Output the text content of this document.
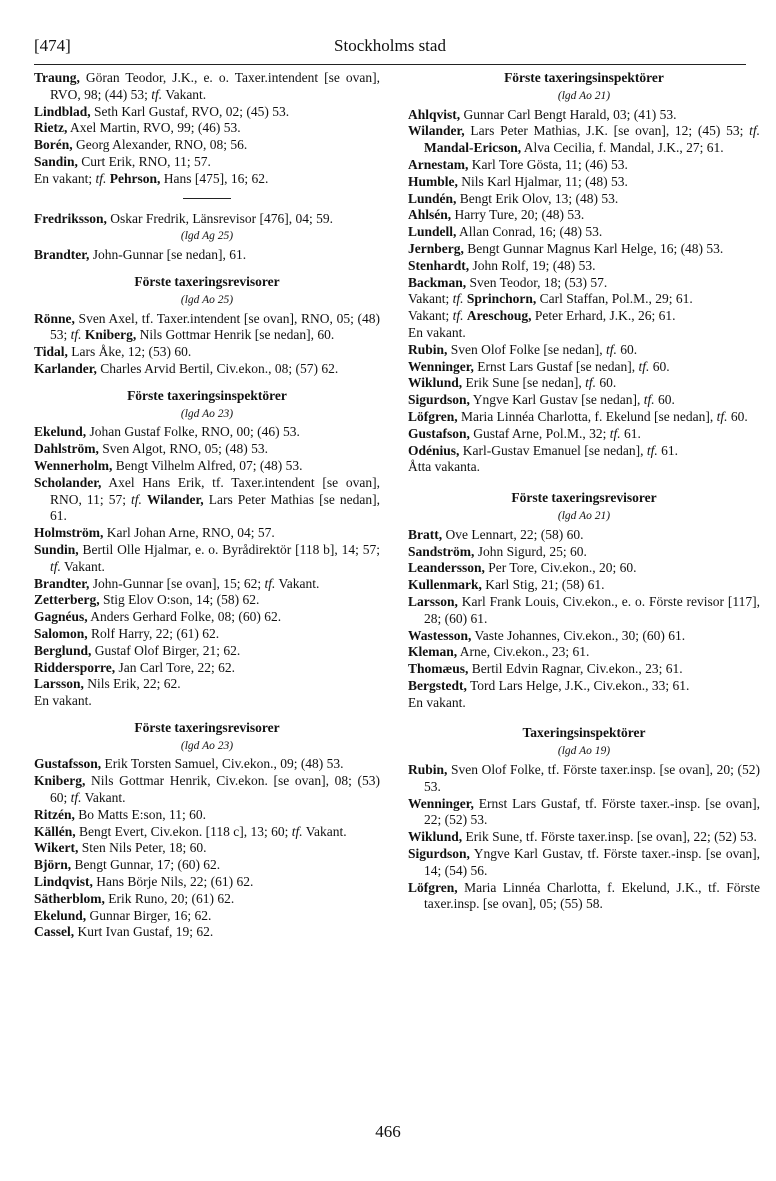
[474]	Stockholms stad

Traung, Göran Teodor, J.K., e. o. Taxer.intendent [se ovan], RVO, 98; (44) 53; tf. Vakant.

Lindblad, Seth Karl Gustaf, RVO, 02; (45) 53.

Rietz, Axel Martin, RVO, 99; (46) 53.

Borén, Georg Alexander, RNO, 08; 56.

Sandin, Curt Erik, RNO, 11; 57.

En vakant; tf. Pehrson, Hans [475], 16; 62.

Fredriksson, Oskar Fredrik, Länsrevisor [476], 04; 59.

(lgd Ag 25)

Brandter, John-Gunnar [se nedan], 61.

Förste taxeringsrevisorer
(lgd Ao 25)

Rönne, Sven Axel, tf. Taxer.intendent [se ovan], RNO, 05; (48) 53; tf. Kniberg, Nils Gottmar Henrik [se nedan], 60.

Tidal, Lars Åke, 12; (53) 60.

Karlander, Charles Arvid Bertil, Civ.ekon., 08; (57) 62.

Förste taxeringsinspektörer
(lgd Ao 23)

Ekelund, Johan Gustaf Folke, RNO, 00; (46) 53.

Dahlström, Sven Algot, RNO, 05; (48) 53.

Wennerholm, Bengt Vilhelm Alfred, 07; (48) 53.

Scholander, Axel Hans Erik, tf. Taxer.intendent [se ovan], RNO, 11; 57; tf. Wilander, Lars Peter Mathias [se nedan], 61.

Holmström, Karl Johan Arne, RNO, 04; 57.

Sundin, Bertil Olle Hjalmar, e. o. Byrådirektör [118 b], 14; 57; tf. Vakant.

Brandter, John-Gunnar [se ovan], 15; 62; tf. Vakant.

Zetterberg, Stig Elov O:son, 14; (58) 62.

Gagnéus, Anders Gerhard Folke, 08; (60) 62.

Salomon, Rolf Harry, 22; (61) 62.

Berglund, Gustaf Olof Birger, 21; 62.

Riddersporre, Jan Carl Tore, 22; 62.

Larsson, Nils Erik, 22; 62.

En vakant.

Förste taxeringsrevisorer
(lgd Ao 23)

Gustafsson, Erik Torsten Samuel, Civ.ekon., 09; (48) 53.

Kniberg, Nils Gottmar Henrik, Civ.ekon. [se ovan], 08; (53) 60; tf. Vakant.

Ritzén, Bo Matts E:son, 11; 60.

Källén, Bengt Evert, Civ.ekon. [118 c], 13; 60; tf. Vakant.

Wikert, Sten Nils Peter, 18; 60.

Björn, Bengt Gunnar, 17; (60) 62.

Lindqvist, Hans Börje Nils, 22; (61) 62.

Sätherblom, Erik Runo, 20; (61) 62.

Ekelund, Gunnar Birger, 16; 62.

Cassel, Kurt Ivan Gustaf, 19; 62.

Förste taxeringsinspektörer
(lgd Ao 21)

Ahlqvist, Gunnar Carl Bengt Harald, 03; (41) 53.

Wilander, Lars Peter Mathias, J.K. [se ovan], 12; (45) 53; tf. Mandal-Ericson, Alva Cecilia, f. Mandal, J.K., 27; 61.

Arnestam, Karl Tore Gösta, 11; (46) 53.

Humble, Nils Karl Hjalmar, 11; (48) 53.

Lundén, Bengt Erik Olov, 13; (48) 53.

Ahlsén, Harry Ture, 20; (48) 53.

Lundell, Allan Conrad, 16; (48) 53.

Jernberg, Bengt Gunnar Magnus Karl Helge, 16; (48) 53.

Stenhardt, John Rolf, 19; (48) 53.

Backman, Sven Teodor, 18; (53) 57.

Vakant; tf. Sprinchorn, Carl Staffan, Pol.M., 29; 61.

Vakant; tf. Areschoug, Peter Erhard, J.K., 26; 61.

En vakant.

Rubin, Sven Olof Folke [se nedan], tf. 60.

Wenninger, Ernst Lars Gustaf [se nedan], tf. 60.

Wiklund, Erik Sune [se nedan], tf. 60.

Sigurdson, Yngve Karl Gustav [se nedan], tf. 60.

Löfgren, Maria Linnéa Charlotta, f. Ekelund [se nedan], tf. 60.

Gustafson, Gustaf Arne, Pol.M., 32; tf. 61.

Odénius, Karl-Gustav Emanuel [se nedan], tf. 61.

Åtta vakanta.

Förste taxeringsrevisorer
(lgd Ao 21)

Bratt, Ove Lennart, 22; (58) 60.

Sandström, John Sigurd, 25; 60.

Leandersson, Per Tore, Civ.ekon., 20; 60.

Kullenmark, Karl Stig, 21; (58) 61.

Larsson, Karl Frank Louis, Civ.ekon., e. o. Förste revisor [117], 28; (60) 61.

Wastesson, Vaste Johannes, Civ.ekon., 30; (60) 61.

Kleman, Arne, Civ.ekon., 23; 61.

Thomæus, Bertil Edvin Ragnar, Civ.ekon., 23; 61.

Bergstedt, Tord Lars Helge, J.K., Civ.ekon., 33; 61.

En vakant.

Taxeringsinspektörer
(lgd Ao 19)

Rubin, Sven Olof Folke, tf. Förste taxer.insp. [se ovan], 20; (52) 53.

Wenninger, Ernst Lars Gustaf, tf. Förste taxer.-insp. [se ovan], 22; (52) 53.

Wiklund, Erik Sune, tf. Förste taxer.insp. [se ovan], 22; (52) 53.

Sigurdson, Yngve Karl Gustav, tf. Förste taxer.-insp. [se ovan], 14; (54) 56.

Löfgren, Maria Linnéa Charlotta, f. Ekelund, J.K., tf. Förste taxer.insp. [se ovan], 05; (55) 58.

466
